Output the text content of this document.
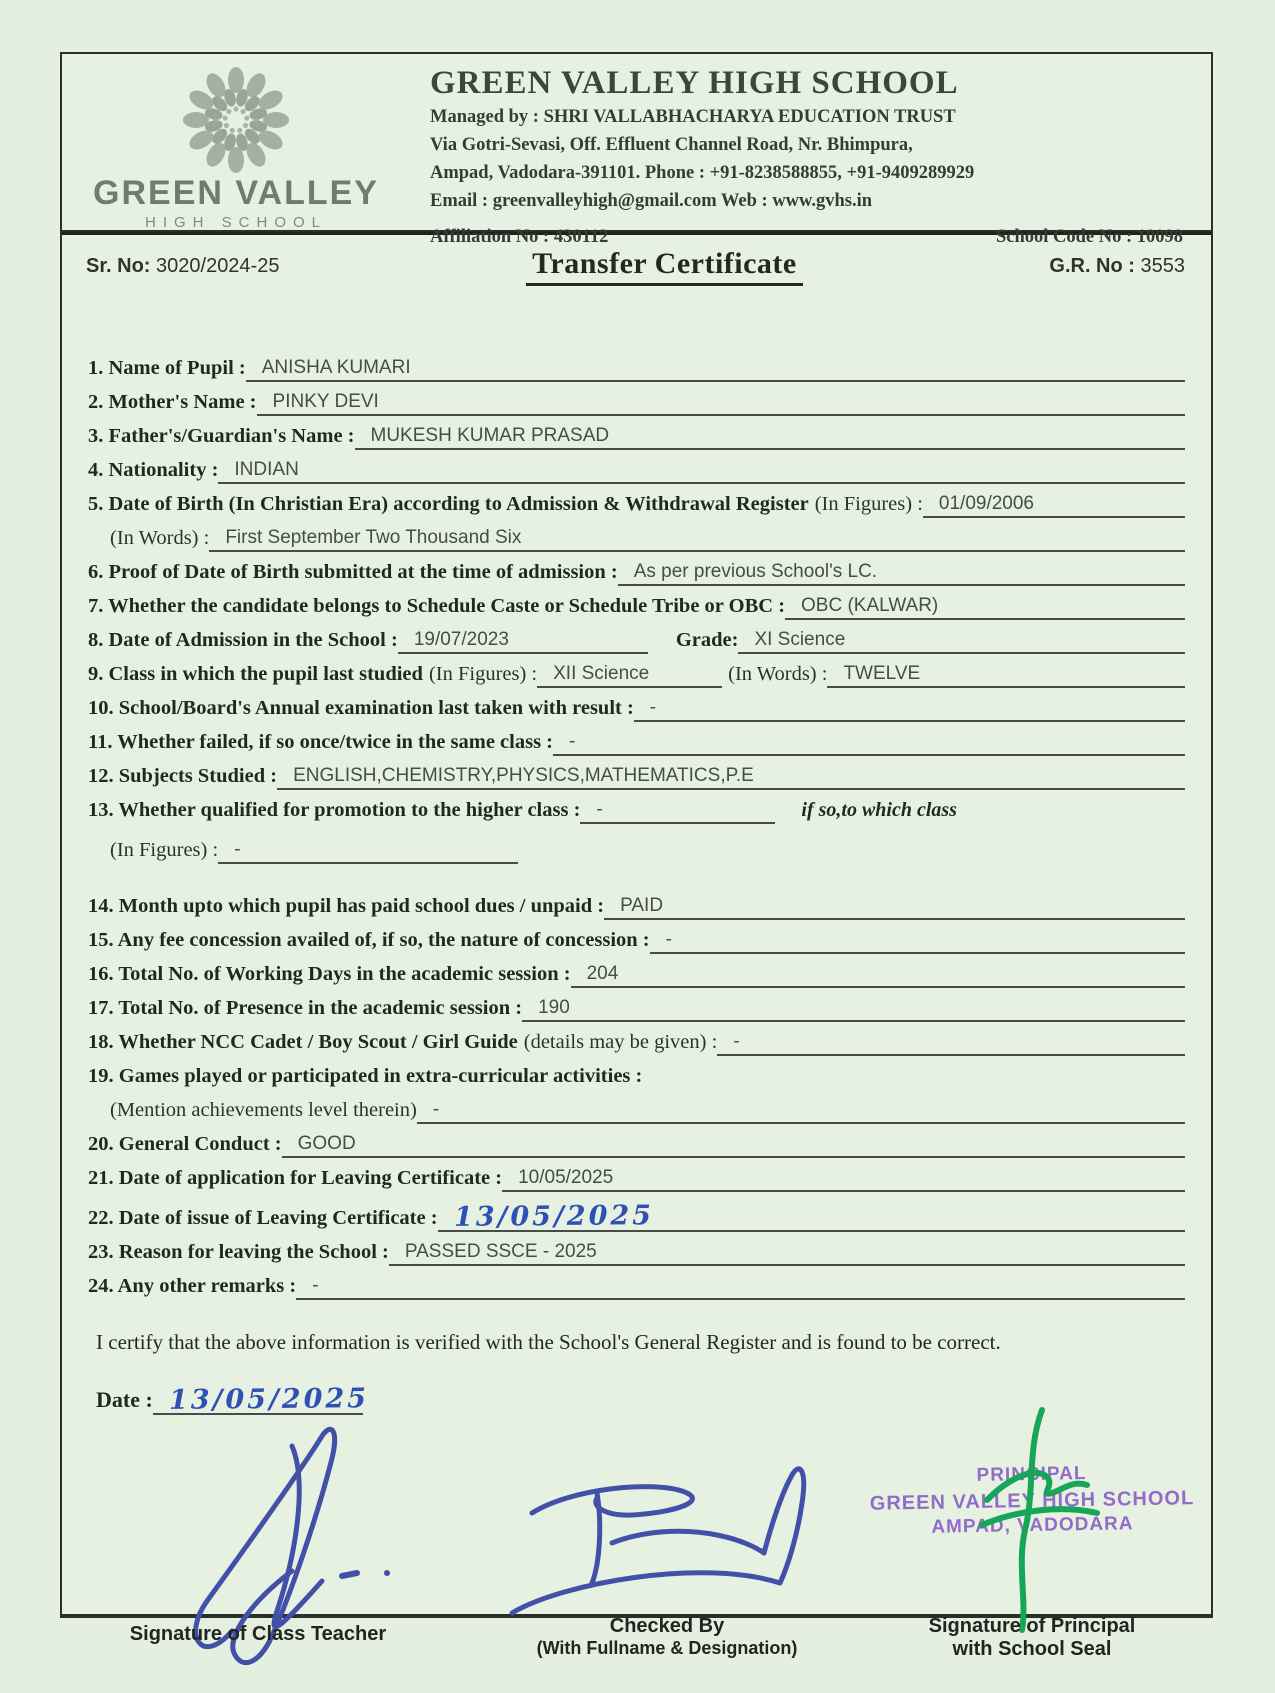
GREEN VALLEY
HIGH SCHOOL
GREEN VALLEY HIGH SCHOOL
Managed by : SHRI VALLABHACHARYA EDUCATION TRUST
Via Gotri-Sevasi, Off. Effluent Channel Road, Nr. Bhimpura,
Ampad, Vadodara-391101. Phone : +91-8238588855, +91-9409289929
Email : greenvalleyhigh@gmail.com Web : www.gvhs.in
Affiliation No : 430112	School Code No : 10098
Sr. No: 3020/2024-25	Transfer Certificate	G.R. No : 3553
1. Name of Pupil : ANISHA KUMARI
2. Mother's Name : PINKY DEVI
3. Father's/Guardian's Name : MUKESH KUMAR PRASAD
4. Nationality : INDIAN
5. Date of Birth (In Christian Era) according to Admission & Withdrawal Register (In Figures) : 01/09/2006
(In Words) : First September Two Thousand Six
6. Proof of Date of Birth submitted at the time of admission : As per previous School's LC.
7. Whether the candidate belongs to Schedule Caste or Schedule Tribe or OBC : OBC (KALWAR)
8. Date of Admission in the School : 19/07/2023	Grade: XI Science
9. Class in which the pupil last studied (In Figures) : XII Science	(In Words) : TWELVE
10. School/Board's Annual examination last taken with result : -
11. Whether failed, if so once/twice in the same class : -
12. Subjects Studied : ENGLISH,CHEMISTRY,PHYSICS,MATHEMATICS,P.E
13. Whether qualified for promotion to the higher class : -	if so,to which class
(In Figures) : -
14. Month upto which pupil has paid school dues / unpaid : PAID
15. Any fee concession availed of, if so, the nature of concession : -
16. Total No. of Working Days in the academic session : 204
17. Total No. of Presence in the academic session : 190
18. Whether NCC Cadet / Boy Scout / Girl Guide (details may be given) : -
19. Games played or participated in extra-curricular activities :
(Mention achievements level therein) -
20. General Conduct : GOOD
21. Date of application for Leaving Certificate : 10/05/2025
22. Date of issue of Leaving Certificate : 13/05/2025
23. Reason for leaving the School : PASSED SSCE - 2025
24. Any other remarks : -
I certify that the above information is verified with the School's General Register and is found to be correct.
Date : 13/05/2025
Signature of Class Teacher	Checked By
(With Fullname & Designation)
PRINCIPAL
GREEN VALLEY HIGH SCHOOL
AMPAD, VADODARA
Signature of Principal
with School Seal
